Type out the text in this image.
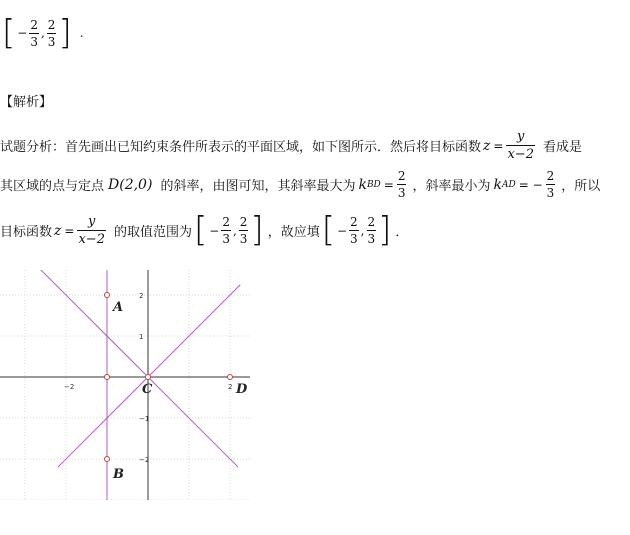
[ − $\frac{2}{3}$ , $\frac{2}{3}$ ] .
【解析】
试题分析：首先画出已知约束条件所表示的平面区域，如下图所示．然后将目标函数 $z = \frac{y}{x-2}$ 看成是
其区域的点与定点 D(2,0) 的斜率，由图可知，其斜率最大为 k BD = $\frac{2}{3}$ ，斜率最小为 k AD = − $\frac{2}{3}$ ，所以
目标函数 $z = \frac{y}{x-2}$ 的取值范围为 [ − $\frac{2}{3}$ , $\frac{2}{3}$ ] ，故应填 [ − $\frac{2}{3}$ , $\frac{2}{3}$ ] ．
−2	2
2
1
−1
−2
A
B
C	D
